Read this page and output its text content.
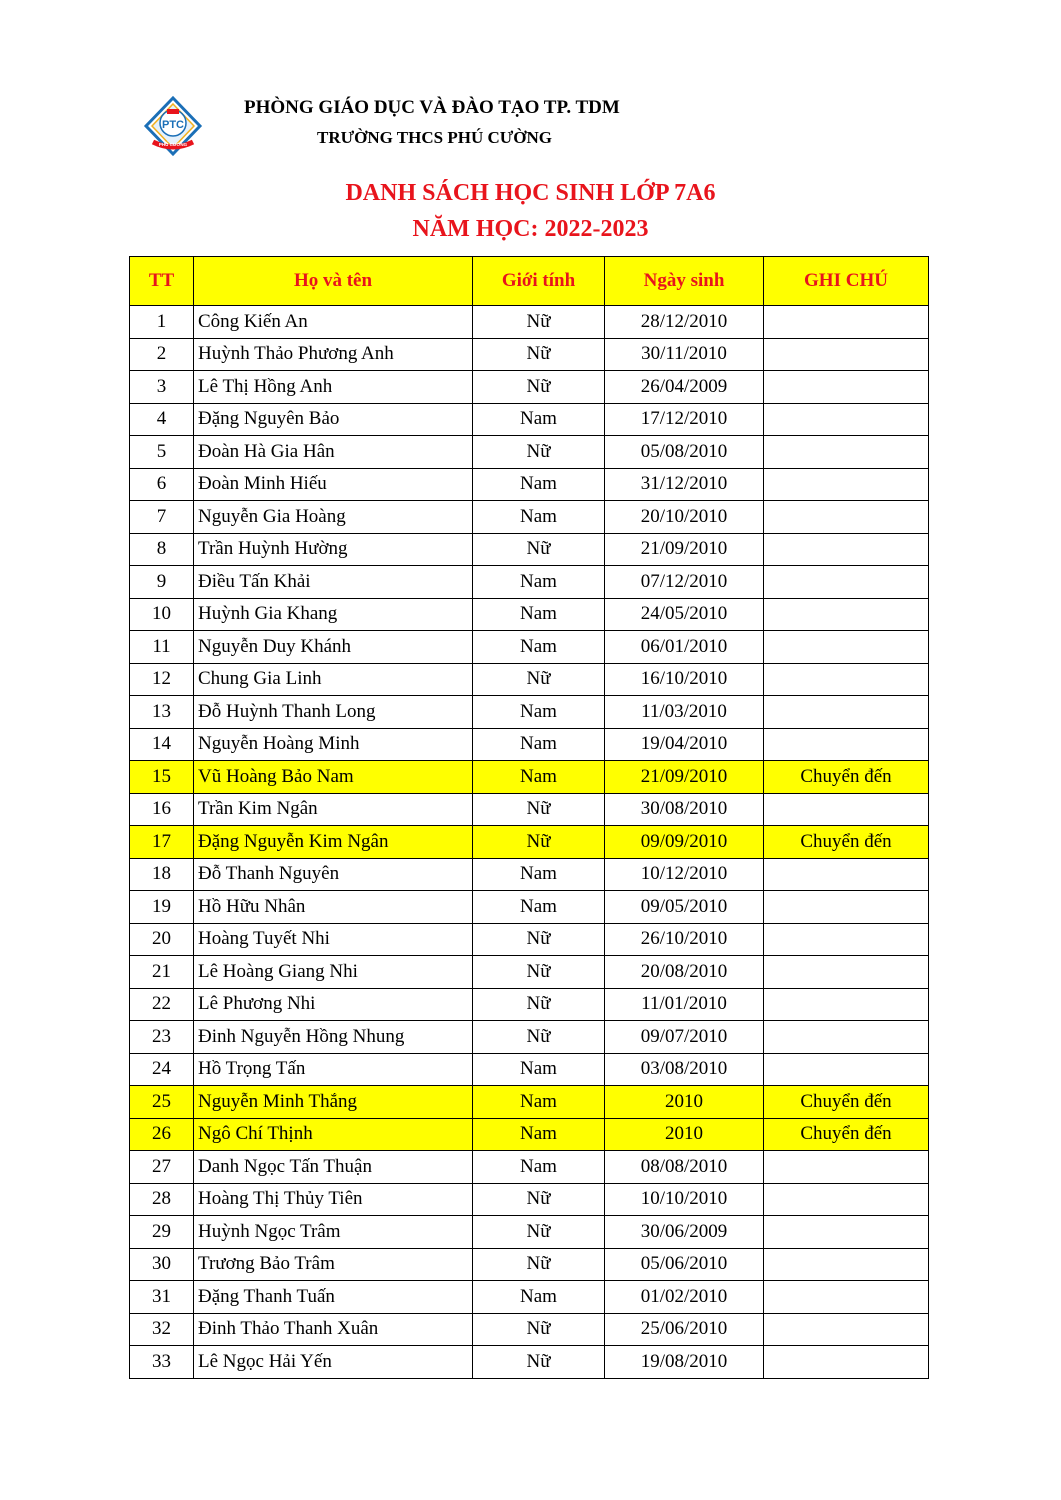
PTC
PHÚ CƯỜNG
PHÒNG GIÁO DỤC VÀ ĐÀO TẠO TP. TDM
TRƯỜNG THCS PHÚ CƯỜNG
DANH SÁCH HỌC SINH LỚP 7A6
NĂM HỌC: 2022-2023
TT	Họ và tên	Giới tính	Ngày sinh	GHI CHÚ
1	Công Kiến An	Nữ	28/12/2010	
2	Huỳnh Thảo Phương Anh	Nữ	30/11/2010	
3	Lê Thị Hồng Anh	Nữ	26/04/2009	
4	Đặng Nguyên Bảo	Nam	17/12/2010	
5	Đoàn Hà Gia Hân	Nữ	05/08/2010	
6	Đoàn Minh Hiếu	Nam	31/12/2010	
7	Nguyễn Gia Hoàng	Nam	20/10/2010	
8	Trần Huỳnh Hường	Nữ	21/09/2010	
9	Điều Tấn Khải	Nam	07/12/2010	
10	Huỳnh Gia Khang	Nam	24/05/2010	
11	Nguyễn Duy Khánh	Nam	06/01/2010	
12	Chung Gia Linh	Nữ	16/10/2010	
13	Đỗ Huỳnh Thanh Long	Nam	11/03/2010	
14	Nguyễn Hoàng Minh	Nam	19/04/2010	
15	Vũ Hoàng Bảo Nam	Nam	21/09/2010	Chuyển đến
16	Trần Kim Ngân	Nữ	30/08/2010	
17	Đặng Nguyễn Kim Ngân	Nữ	09/09/2010	Chuyển đến
18	Đỗ Thanh Nguyên	Nam	10/12/2010	
19	Hồ Hữu Nhân	Nam	09/05/2010	
20	Hoàng Tuyết Nhi	Nữ	26/10/2010	
21	Lê Hoàng Giang Nhi	Nữ	20/08/2010	
22	Lê Phương Nhi	Nữ	11/01/2010	
23	Đinh Nguyễn Hồng Nhung	Nữ	09/07/2010	
24	Hồ Trọng Tấn	Nam	03/08/2010	
25	Nguyễn Minh Thắng	Nam	2010	Chuyển đến
26	Ngô Chí Thịnh	Nam	2010	Chuyển đến
27	Danh Ngọc Tấn Thuận	Nam	08/08/2010	
28	Hoàng Thị Thủy Tiên	Nữ	10/10/2010	
29	Huỳnh Ngọc Trâm	Nữ	30/06/2009	
30	Trương Bảo Trâm	Nữ	05/06/2010	
31	Đặng Thanh Tuấn	Nam	01/02/2010	
32	Đinh Thảo Thanh Xuân	Nữ	25/06/2010	
33	Lê Ngọc Hải Yến	Nữ	19/08/2010	
